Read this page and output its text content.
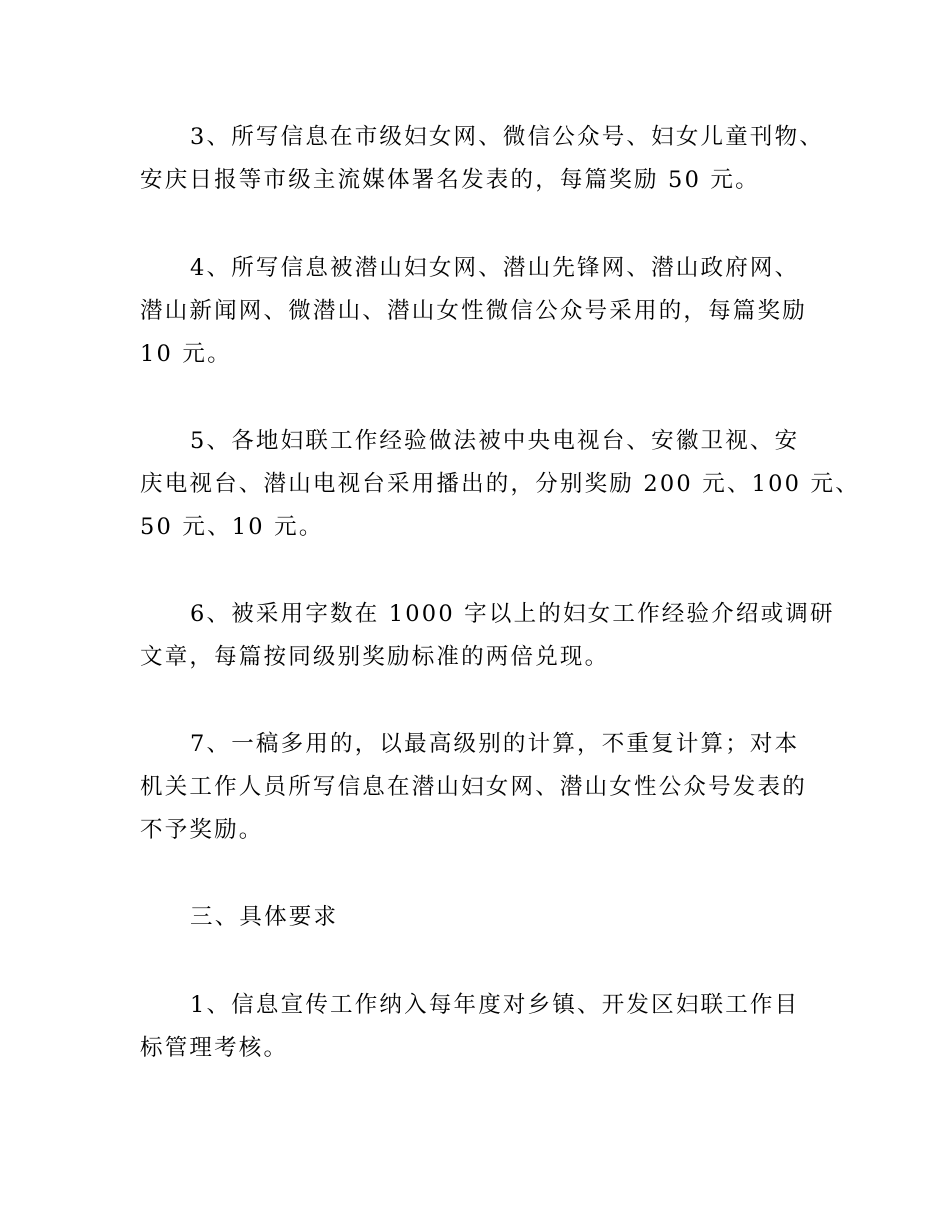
3、所写信息在市级妇女网、微信公众号、妇女儿童刊物、
安庆日报等市级主流媒体署名发表的，每篇奖励 50 元。
4、所写信息被潜山妇女网、潜山先锋网、潜山政府网、
潜山新闻网、微潜山、潜山女性微信公众号采用的，每篇奖励
10 元。
5、各地妇联工作经验做法被中央电视台、安徽卫视、安
庆电视台、潜山电视台采用播出的，分别奖励 200 元、100 元、
50 元、10 元。
6、被采用字数在 1000 字以上的妇女工作经验介绍或调研
文章，每篇按同级别奖励标准的两倍兑现。
7、一稿多用的，以最高级别的计算，不重复计算；对本
机关工作人员所写信息在潜山妇女网、潜山女性公众号发表的
不予奖励。
三、具体要求
1、信息宣传工作纳入每年度对乡镇、开发区妇联工作目
标管理考核。
